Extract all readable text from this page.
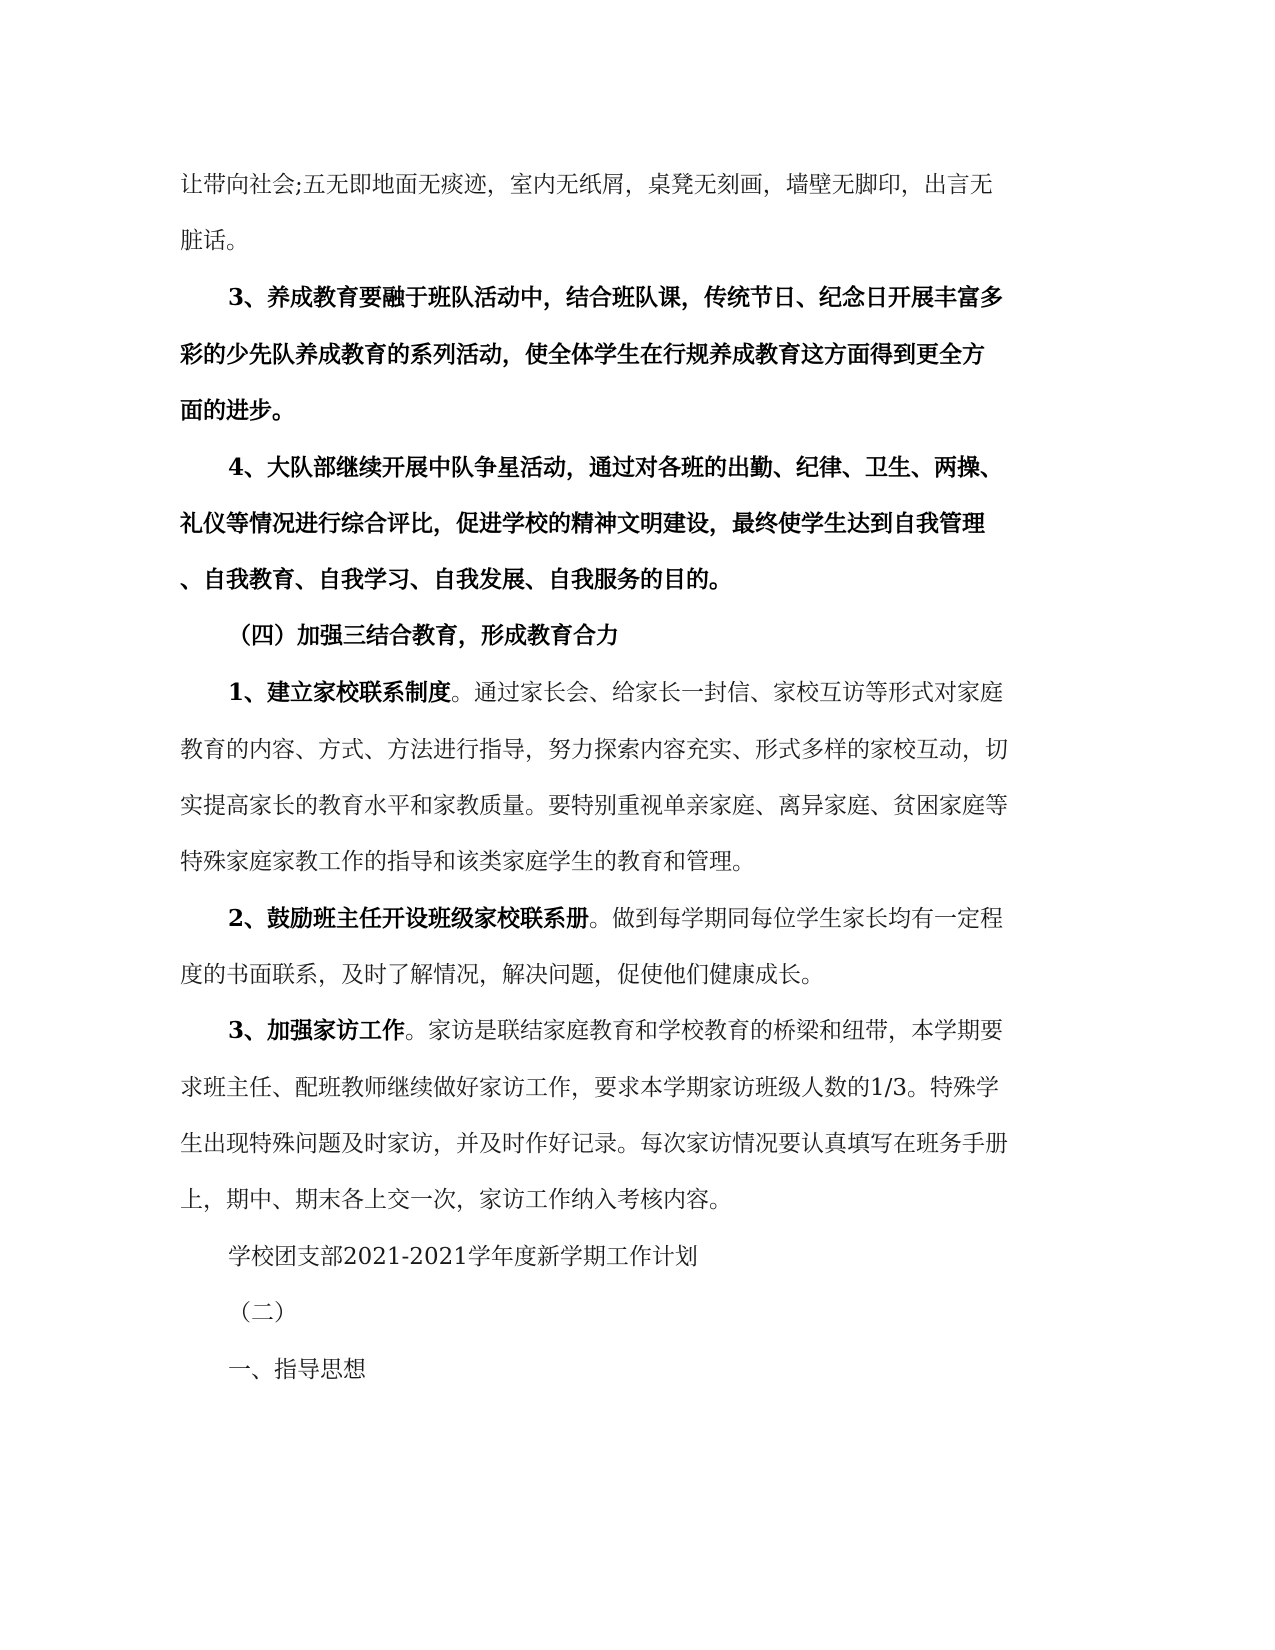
让带向社会;五无即地面无痰迹，室内无纸屑，桌凳无刻画，墙壁无脚印，出言无
脏话。
3、养成教育要融于班队活动中，结合班队课，传统节日、纪念日开展丰富多
彩的少先队养成教育的系列活动，使全体学生在行规养成教育这方面得到更全方
面的进步。
4、大队部继续开展中队争星活动，通过对各班的出勤、纪律、卫生、两操、
礼仪等情况进行综合评比，促进学校的精神文明建设，最终使学生达到自我管理
、自我教育、自我学习、自我发展、自我服务的目的。
（四）加强三结合教育，形成教育合力
1、建立家校联系制度。通过家长会、给家长一封信、家校互访等形式对家庭
教育的内容、方式、方法进行指导，努力探索内容充实、形式多样的家校互动，切
实提高家长的教育水平和家教质量。要特别重视单亲家庭、离异家庭、贫困家庭等
特殊家庭家教工作的指导和该类家庭学生的教育和管理。
2、鼓励班主任开设班级家校联系册。做到每学期同每位学生家长均有一定程
度的书面联系，及时了解情况，解决问题，促使他们健康成长。
3、加强家访工作。家访是联结家庭教育和学校教育的桥梁和纽带，本学期要
求班主任、配班教师继续做好家访工作，要求本学期家访班级人数的1/3。特殊学
生出现特殊问题及时家访，并及时作好记录。每次家访情况要认真填写在班务手册
上，期中、期末各上交一次，家访工作纳入考核内容。
学校团支部2021-2021学年度新学期工作计划
（二）
一、指导思想
